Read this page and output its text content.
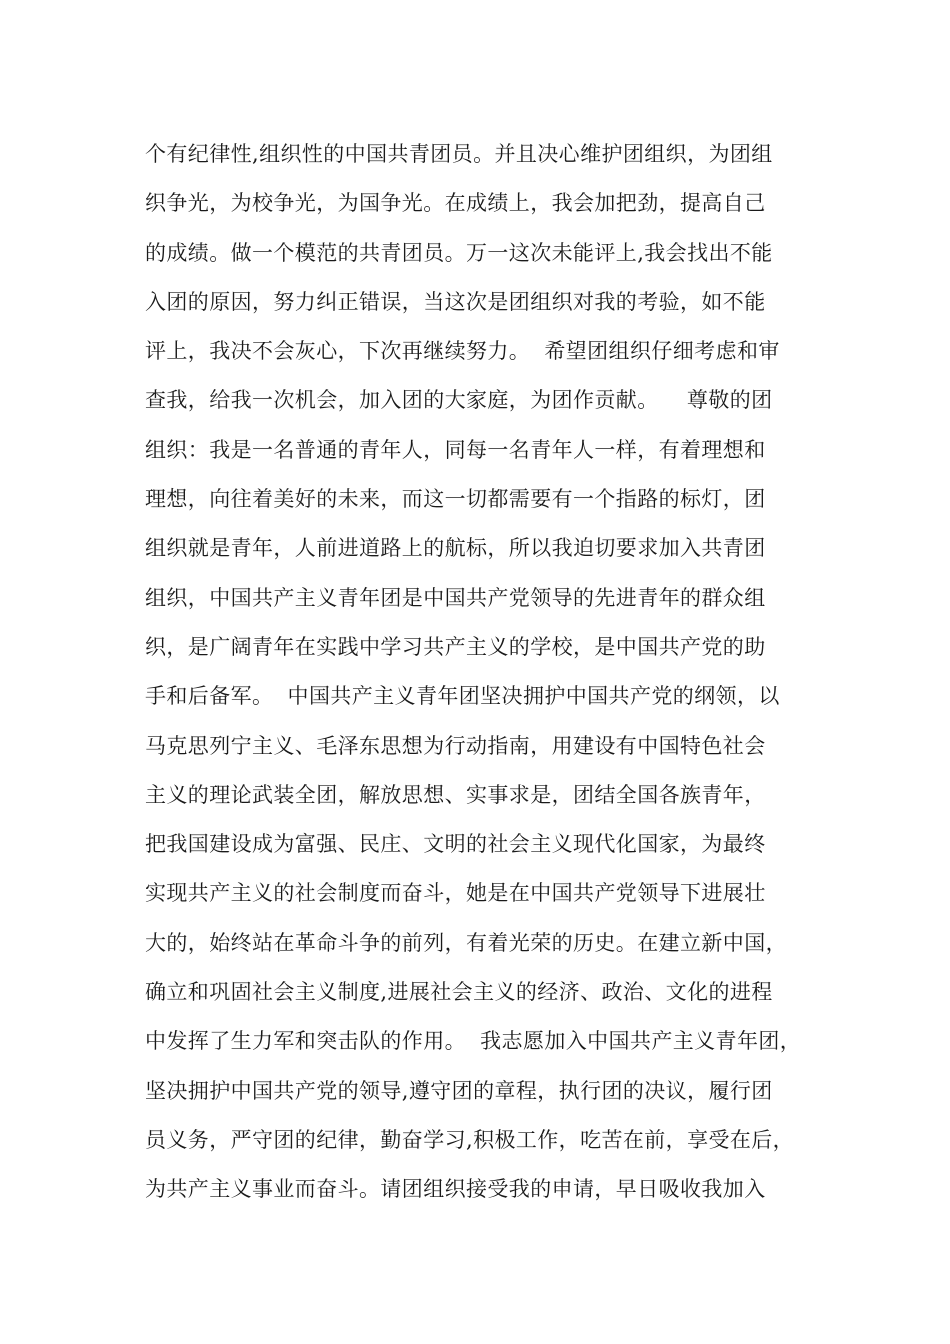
个有纪律性,组织性的中国共青团员。并且决心维护团组织，为团组
织争光，为校争光，为国争光。在成绩上，我会加把劲，提高自己
的成绩。做一个模范的共青团员。万一这次未能评上,我会找出不能
入团的原因，努力纠正错误，当这次是团组织对我的考验，如不能
评上，我决不会灰心，下次再继续努力。  希望团组织仔细考虑和审
查我，给我一次机会，加入团的大家庭，为团作贡献。    尊敬的团
组织：我是一名普通的青年人，同每一名青年人一样，有着理想和
理想，向往着美好的未来，而这一切都需要有一个指路的标灯，团
组织就是青年，人前进道路上的航标，所以我迫切要求加入共青团
组织，中国共产主义青年团是中国共产党领导的先进青年的群众组
织，是广阔青年在实践中学习共产主义的学校，是中国共产党的助
手和后备军。  中国共产主义青年团坚决拥护中国共产党的纲领，以
马克思列宁主义、毛泽东思想为行动指南，用建设有中国特色社会
主义的理论武装全团，解放思想、实事求是，团结全国各族青年，
把我国建设成为富强、民庄、文明的社会主义现代化国家，为最终
实现共产主义的社会制度而奋斗，她是在中国共产党领导下进展壮
大的，始终站在革命斗争的前列，有着光荣的历史。在建立新中国，
确立和巩固社会主义制度,进展社会主义的经济、政治、文化的进程
中发挥了生力军和突击队的作用。  我志愿加入中国共产主义青年团，
坚决拥护中国共产党的领导,遵守团的章程，执行团的决议，履行团
员义务，严守团的纪律，勤奋学习,积极工作，吃苦在前，享受在后，
为共产主义事业而奋斗。请团组织接受我的申请，早日吸收我加入
